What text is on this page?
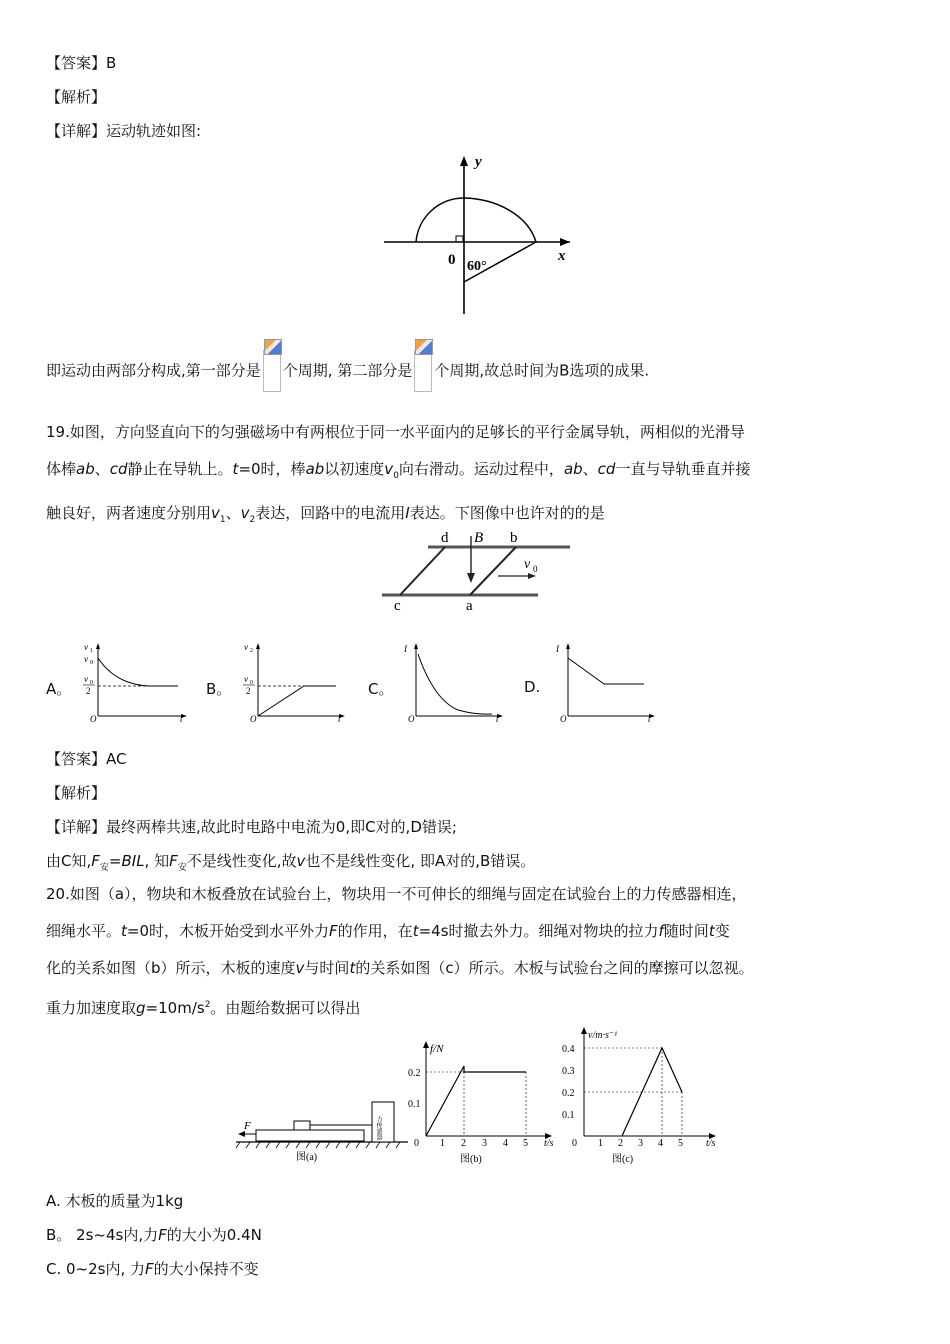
【答案】B
【解析】
【详解】运动轨迹如图:
y
x
0 60°
即运动由两部分构成,第一部分是 个周期, 第二部分是 个周期,故总时间为B选项的成果.
19.如图，方向竖直向下的匀强磁场中有两根位于同一水平面内的足够长的平行金属导轨，两相似的光滑导
体棒ab、cd静止在导轨上。t=0时，棒ab以初速度$v_0$向右滑动。运动过程中，ab、cd一直与导轨垂直并接
触良好，两者速度分别用$v_1$、$v_2$表达，回路中的电流用I表达。下图像中也许对的的是
d	b
B
c	a
v 0
A。
v 1
v 0
v 0
2
O	t
B。
v 2
v 0
2
O	t
C。
I
O	t
D.
I
O	t
【答案】AC
【解析】
【详解】最终两棒共速,故此时电路中电流为0,即C对的,D错误;
由C知$,F_安=BIL$, 知$F_安$不是线性变化,故v也不是线性变化, 即A对的,B错误。
20.如图（a），物块和木板叠放在试验台上，物块用一不可伸长的细绳与固定在试验台上的力传感器相连，
细绳水平。t=0时，木板开始受到水平外力F的作用，在t=4s时撤去外力。细绳对物块的拉力f随时间t变
化的关系如图（b）所示，木板的速度v与时间t的关系如图（c）所示。木板与试验台之间的摩擦可以忽视。
重力加速度取$g=10m/s^2$。由题给数据可以得出
F	力传感器
图(a)
f/N
0.2
0.1
0 1 2 3 4 5 t/s
图(b)
v/m·s⁻¹
0.4
0.3
0.2
0.1
0 1 2 3 4 5 t/s
图(c)
A. 木板的质量为1kg
B。 2s~4s内,力F的大小为0.4N
C. 0~2s内, 力F的大小保持不变
